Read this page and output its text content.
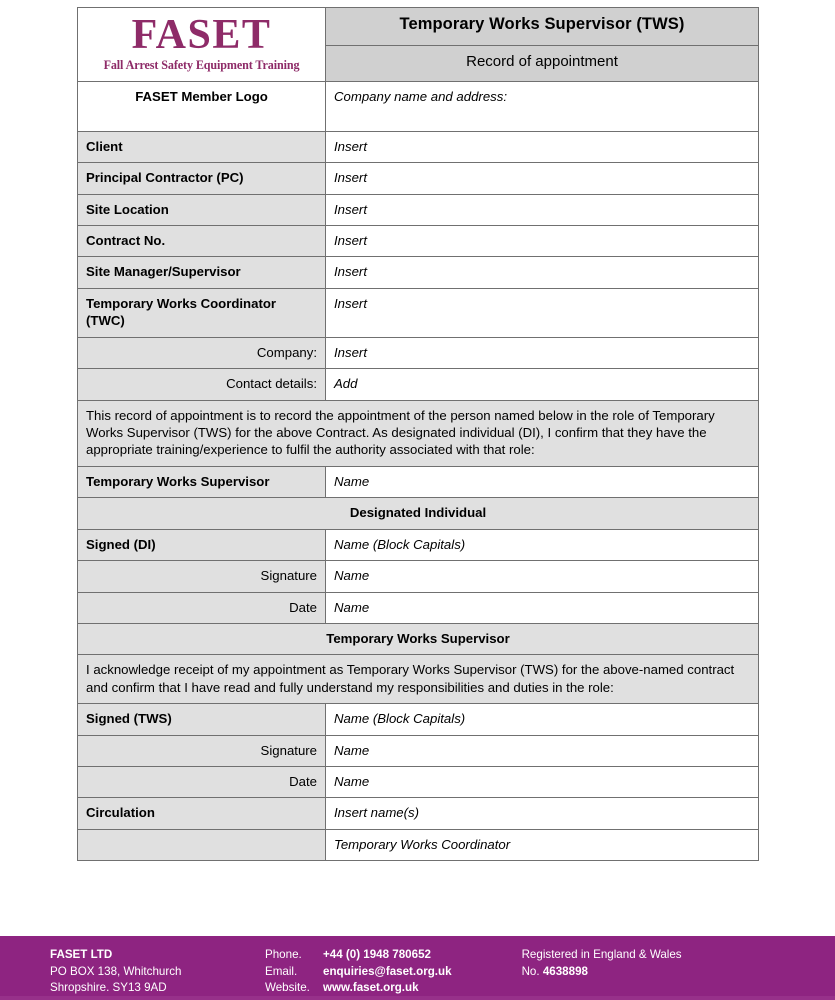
FASET
Fall Arrest Safety Equipment Training	Temporary Works Supervisor (TWS)
	Record of appointment
FASET Member Logo	Company name and address:
Client	Insert
Principal Contractor (PC)	Insert
Site Location	Insert
Contract No.	Insert
Site Manager/Supervisor	Insert
Temporary Works Coordinator (TWC)	Insert
Company:	Insert
Contact details:	Add
This record of appointment is to record the appointment of the person named below in the role of Temporary Works Supervisor (TWS) for the above Contract. As designated individual (DI), I confirm that they have the appropriate training/experience to fulfil the authority associated with that role:	
Temporary Works Supervisor	Name
Designated Individual	
Signed (DI)	Name (Block Capitals)
Signature	Name
Date	Name
Temporary Works Supervisor	
I acknowledge receipt of my appointment as Temporary Works Supervisor (TWS) for the above-named contract and confirm that I have read and fully understand my responsibilities and duties in the role:	
Signed (TWS)	Name (Block Capitals)
Signature	Name
Date	Name
Circulation	Insert name(s)
	Temporary Works Coordinator
FASET LTD
PO BOX 138, Whitchurch
Shropshire. SY13 9AD
Phone.
Email.
Website.
+44 (0) 1948 780652
enquiries@faset.org.uk
www.faset.org.uk
Registered in England & Wales
No. 4638898
